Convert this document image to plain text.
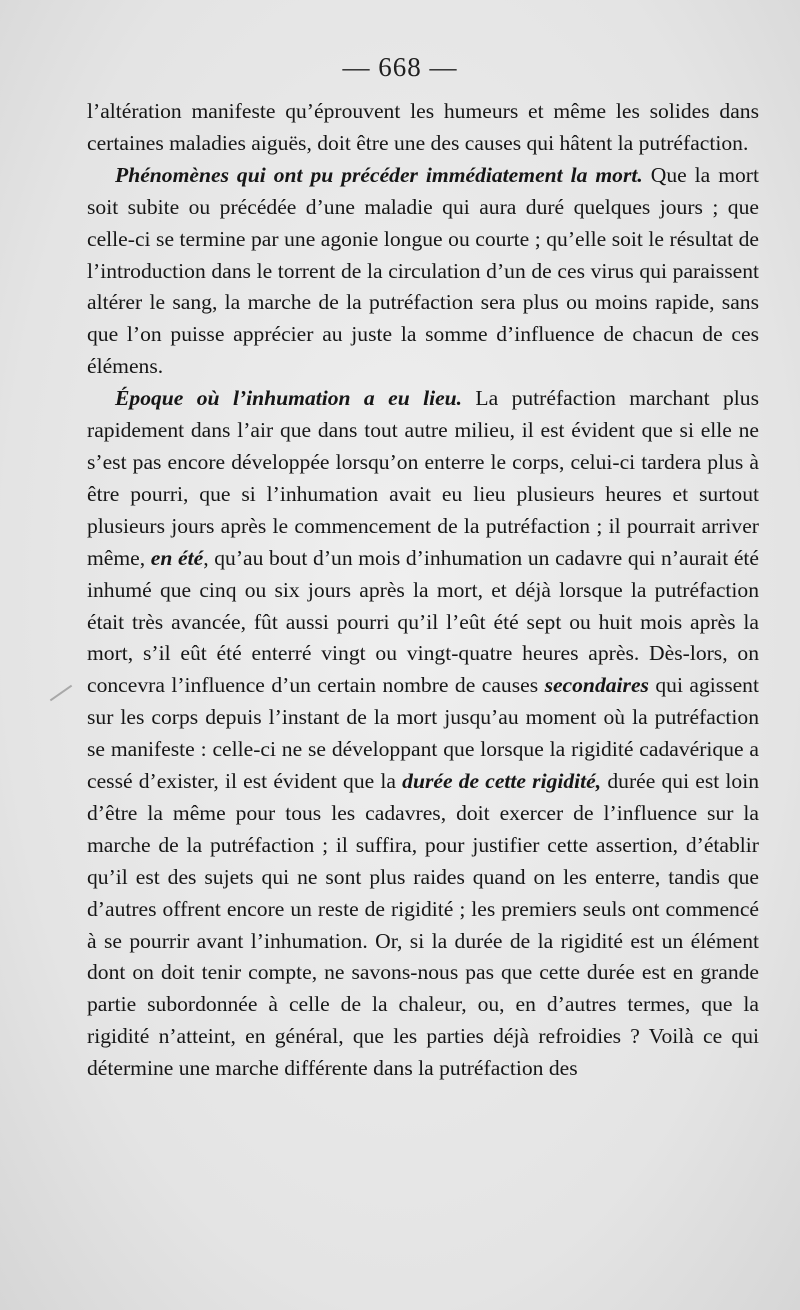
— 668 —

l’altération manifeste qu’éprouvent les humeurs et même les solides dans certaines maladies aiguës, doit être une des causes qui hâtent la putréfaction.

Phénomènes qui ont pu précéder immédiatement la mort. Que la mort soit subite ou précédée d’une maladie qui aura duré quelques jours ; que celle-ci se termine par une agonie longue ou courte ; qu’elle soit le résultat de l’introduction dans le torrent de la circulation d’un de ces virus qui paraissent altérer le sang, la marche de la putréfaction sera plus ou moins rapide, sans que l’on puisse apprécier au juste la somme d’influence de chacun de ces élémens.

Époque où l’inhumation a eu lieu. La putréfaction marchant plus rapidement dans l’air que dans tout autre milieu, il est évident que si elle ne s’est pas encore développée lorsqu’on enterre le corps, celui-ci tardera plus à être pourri, que si l’inhumation avait eu lieu plusieurs heures et surtout plusieurs jours après le commencement de la putréfaction ; il pourrait arriver même, en été, qu’au bout d’un mois d’inhumation un cadavre qui n’aurait été inhumé que cinq ou six jours après la mort, et déjà lorsque la putréfaction était très avancée, fût aussi pourri qu’il l’eût été sept ou huit mois après la mort, s’il eût été enterré vingt ou vingt-quatre heures après. Dès-lors, on concevra l’influence d’un certain nombre de causes secondaires qui agissent sur les corps depuis l’instant de la mort jusqu’au moment où la putréfaction se manifeste : celle-ci ne se développant que lorsque la rigidité cadavérique a cessé d’exister, il est évident que la durée de cette rigidité, durée qui est loin d’être la même pour tous les cadavres, doit exercer de l’influence sur la marche de la putréfaction ; il suffira, pour justifier cette assertion, d’établir qu’il est des sujets qui ne sont plus raides quand on les enterre, tandis que d’autres offrent encore un reste de rigidité ; les premiers seuls ont commencé à se pourrir avant l’inhumation. Or, si la durée de la rigidité est un élément dont on doit tenir compte, ne savons-nous pas que cette durée est en grande partie subordonnée à celle de la chaleur, ou, en d’autres termes, que la rigidité n’atteint, en général, que les parties déjà refroidies ? Voilà ce qui détermine une marche différente dans la putréfaction des
